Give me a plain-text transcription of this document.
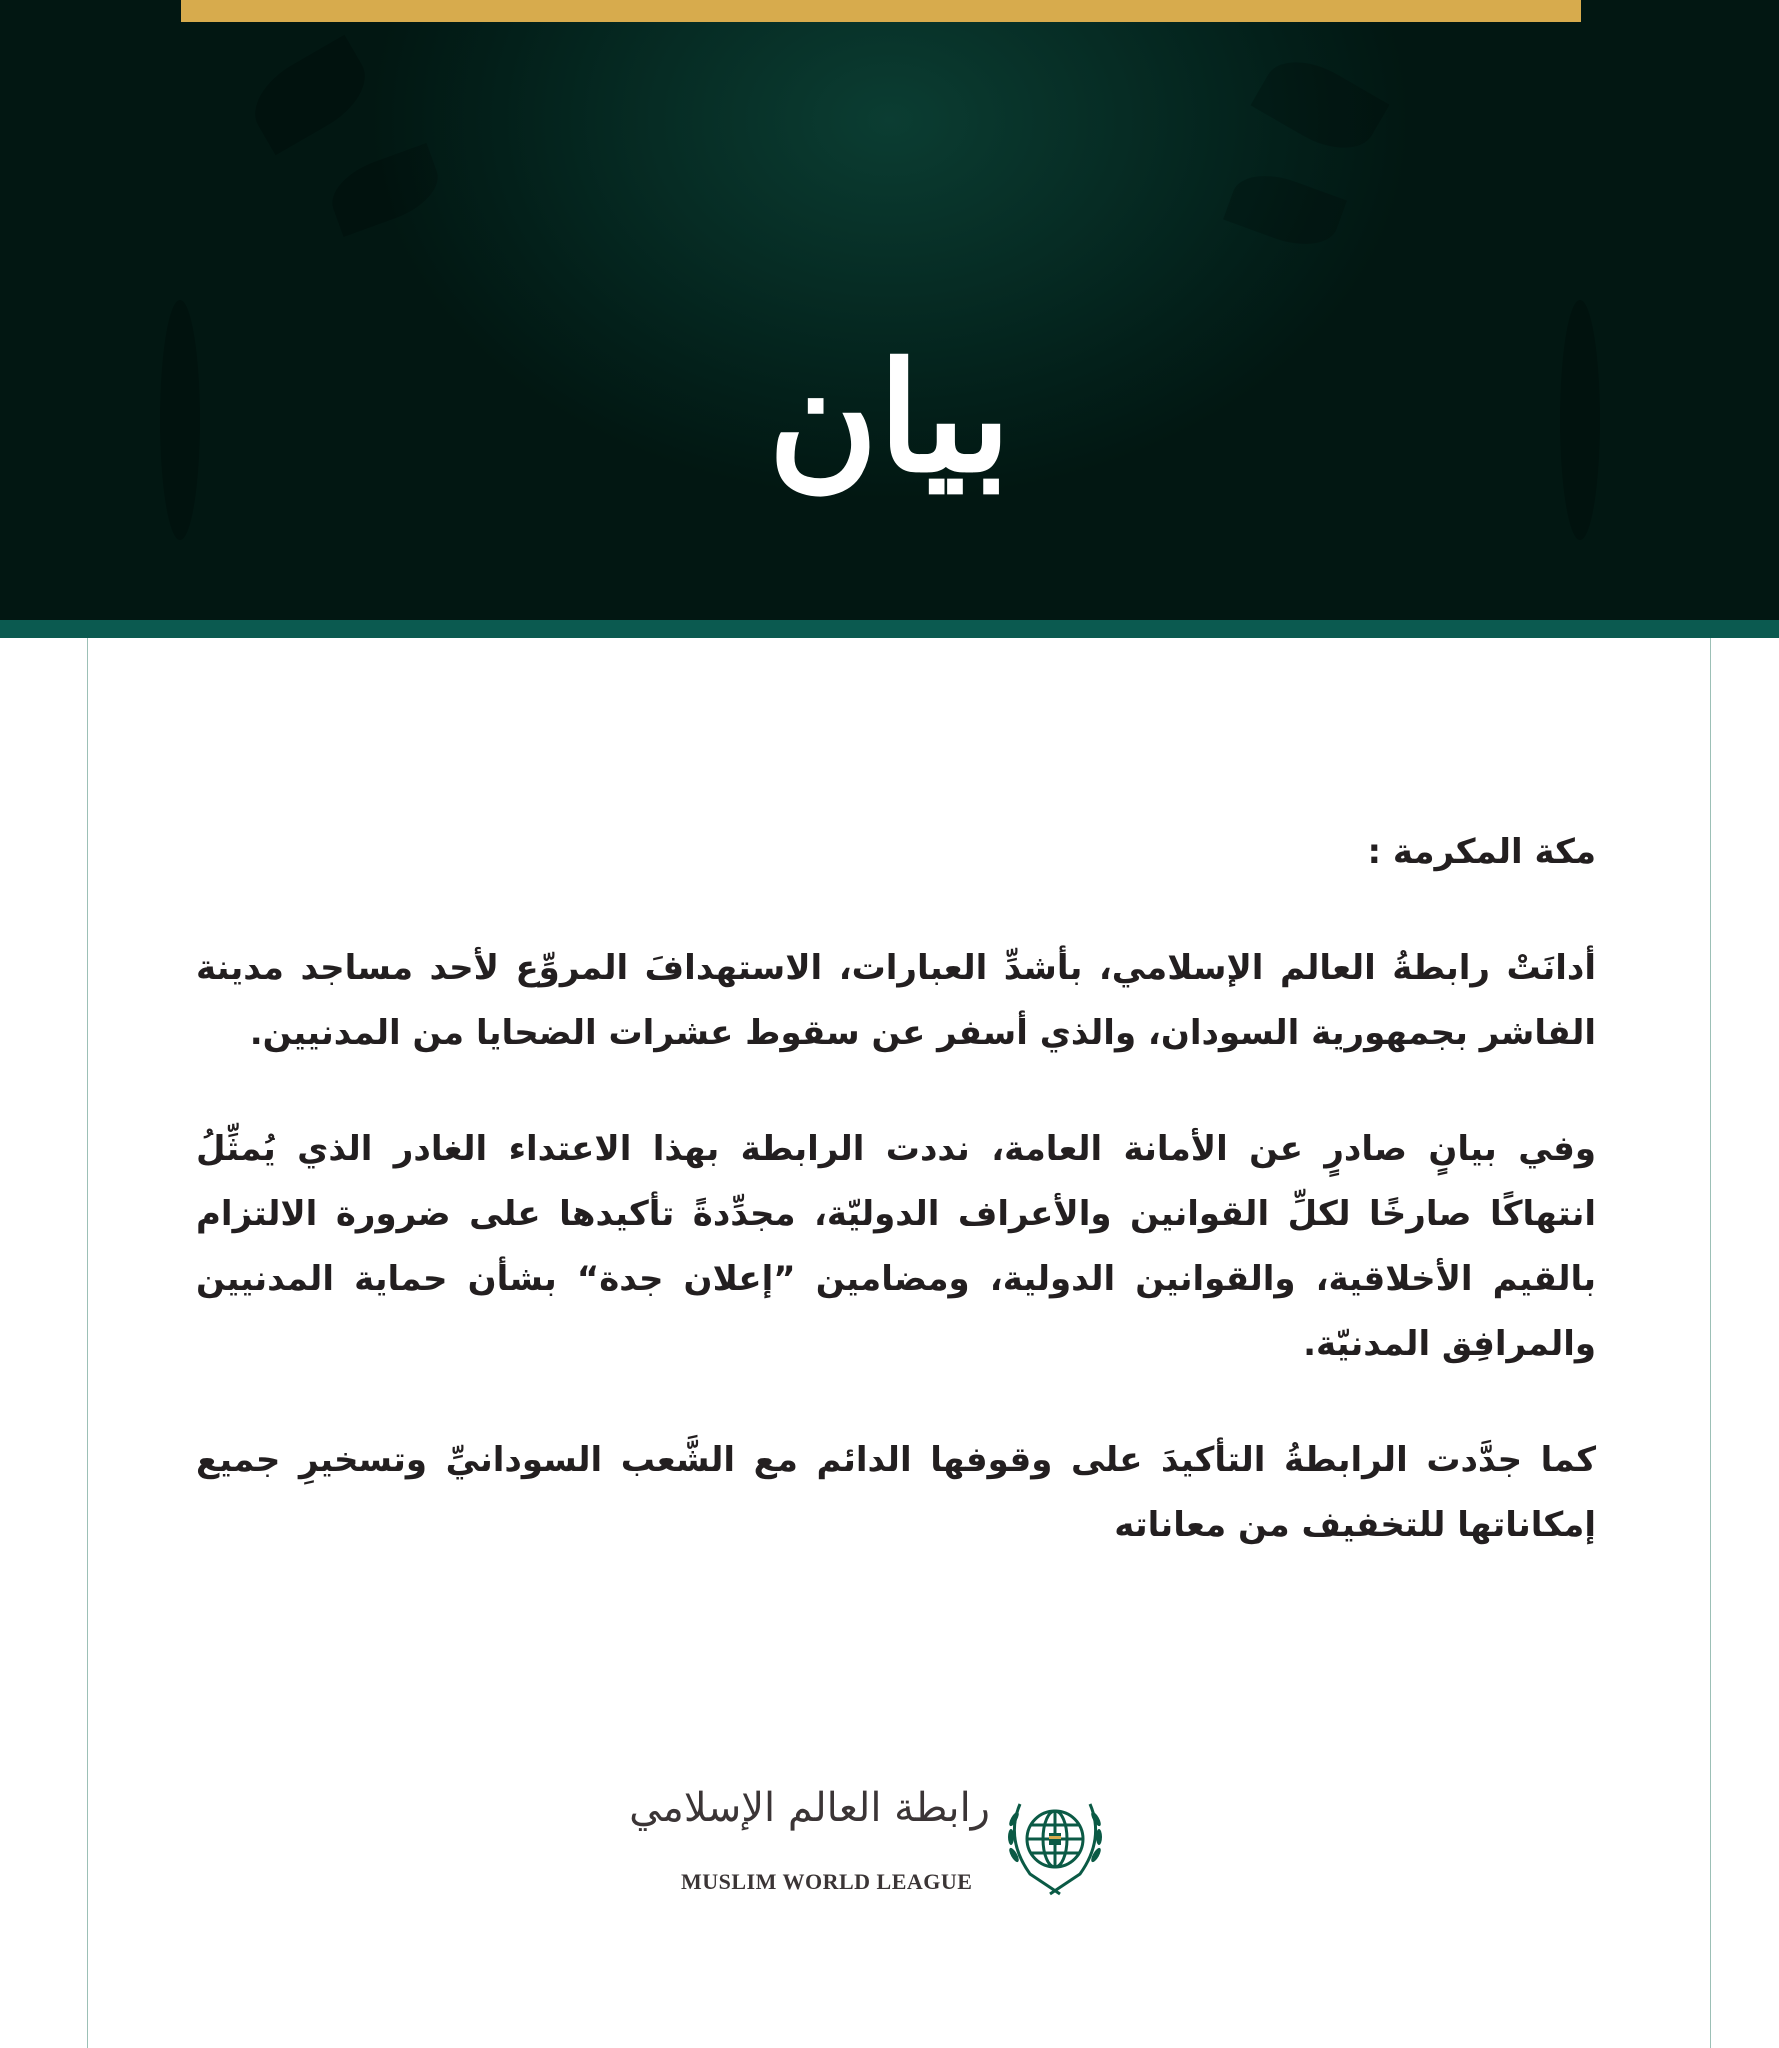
بيان

مكة المكرمة :

أدانَتْ رابطةُ العالم الإسلامي، بأشدِّ العبارات، الاستهدافَ المروِّع لأحد مساجد مدينة الفاشر بجمهورية السودان، والذي أسفر عن سقوط عشرات الضحايا من المدنيين.

وفي بيانٍ صادرٍ عن الأمانة العامة، نددت الرابطة بهذا الاعتداء الغادر الذي يُمثِّلُ انتهاكًا صارخًا لكلِّ القوانين والأعراف الدوليّة، مجدِّدةً تأكيدها على ضرورة الالتزام بالقيم الأخلاقية، والقوانين الدولية، ومضامين ”إعلان جدة“ بشأن حماية المدنيين والمرافِق المدنيّة.

كما جدَّدت الرابطةُ التأكيدَ على وقوفها الدائم مع الشَّعب السودانيِّ وتسخيرِ جميع إمكاناتها للتخفيف من معاناته

رابطة العالم الإسلامي
MUSLIM WORLD LEAGUE
